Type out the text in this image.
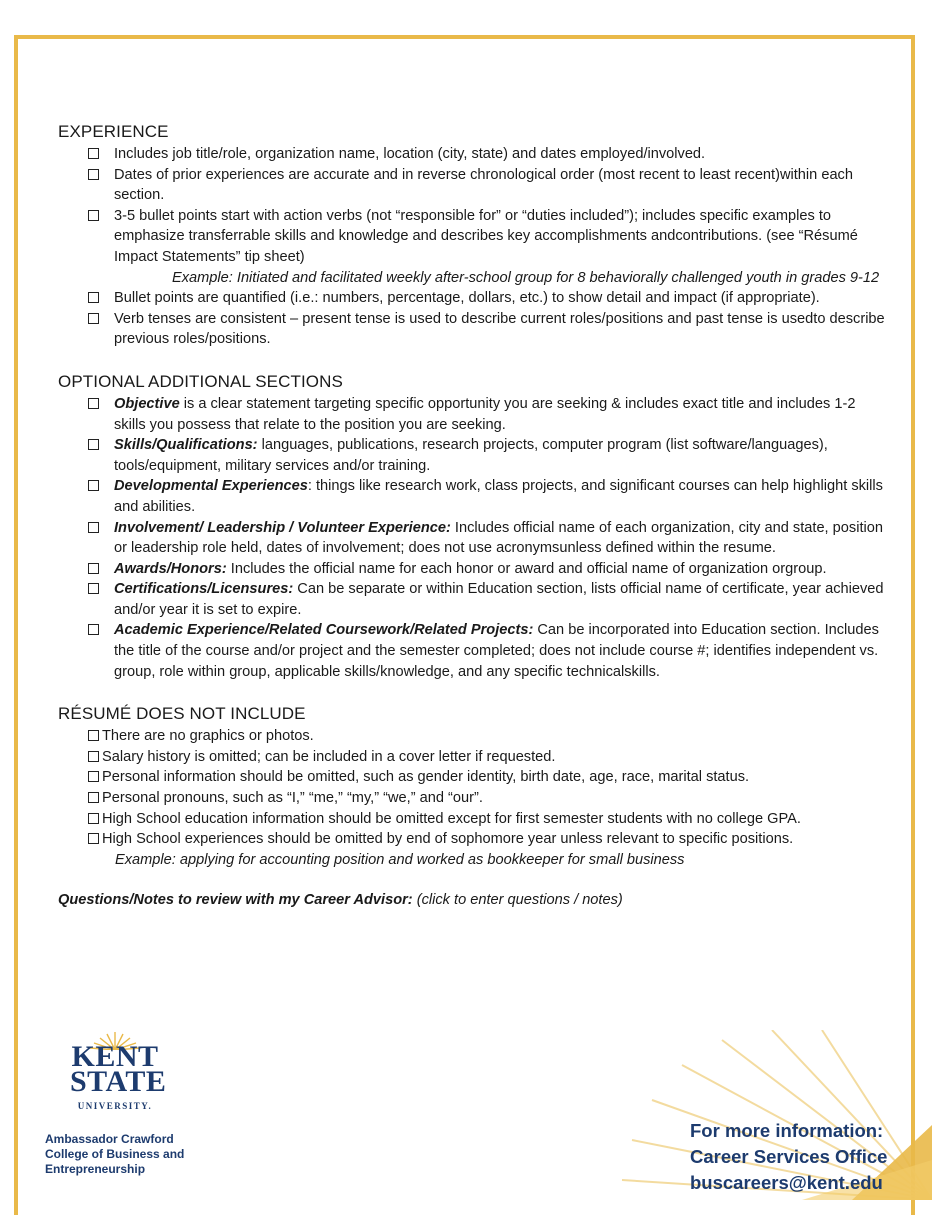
EXPERIENCE
Includes job title/role, organization name, location (city, state) and dates employed/involved.
Dates of prior experiences are accurate and in reverse chronological order (most recent to least recent)within each section.
3-5 bullet points start with action verbs (not “responsible for” or “duties included”); includes specific examples to emphasize transferrable skills and knowledge and describes key accomplishments andcontributions. (see “Résumé Impact Statements” tip sheet)
Example: Initiated and facilitated weekly after-school group for 8 behaviorally challenged youth in grades 9-12
Bullet points are quantified (i.e.: numbers, percentage, dollars, etc.) to show detail and impact (if appropriate).
Verb tenses are consistent – present tense is used to describe current roles/positions and past tense is usedto describe previous roles/positions.
OPTIONAL ADDITIONAL SECTIONS
Objective is a clear statement targeting specific opportunity you are seeking & includes exact title and includes 1-2 skills you possess that relate to the position you are seeking.
Skills/Qualifications: languages, publications, research projects, computer program (list software/languages), tools/equipment, military services and/or training.
Developmental Experiences: things like research work, class projects, and significant courses can help highlight skills and abilities.
Involvement/ Leadership / Volunteer Experience: Includes official name of each organization, city and state, position or leadership role held, dates of involvement; does not use acronymsunless defined within the resume.
Awards/Honors: Includes the official name for each honor or award and official name of organization orgroup.
Certifications/Licensures: Can be separate or within Education section, lists official name of certificate, year achieved and/or year it is set to expire.
Academic Experience/Related Coursework/Related Projects: Can be incorporated into Education section. Includes the title of the course and/or project and the semester completed; does not include course #; identifies independent vs. group, role within group, applicable skills/knowledge, and any specific technicalskills.
RÉSUMÉ DOES NOT INCLUDE
There are no graphics or photos.
Salary history is omitted; can be included in a cover letter if requested.
Personal information should be omitted, such as gender identity, birth date, age, race, marital status.
Personal pronouns, such as “I,” “me,” “my,” “we,” and “our”.
High School education information should be omitted except for first semester students with no college GPA.
High School experiences should be omitted by end of sophomore year unless relevant to specific positions.
Example: applying for accounting position and worked as bookkeeper for small business
Questions/Notes to review with my Career Advisor: (click to enter questions / notes)
KENT
STATE
UNIVERSITY.
Ambassador Crawford College of Business and Entrepreneurship
For more information:
Career Services Office
buscareers@kent.edu
